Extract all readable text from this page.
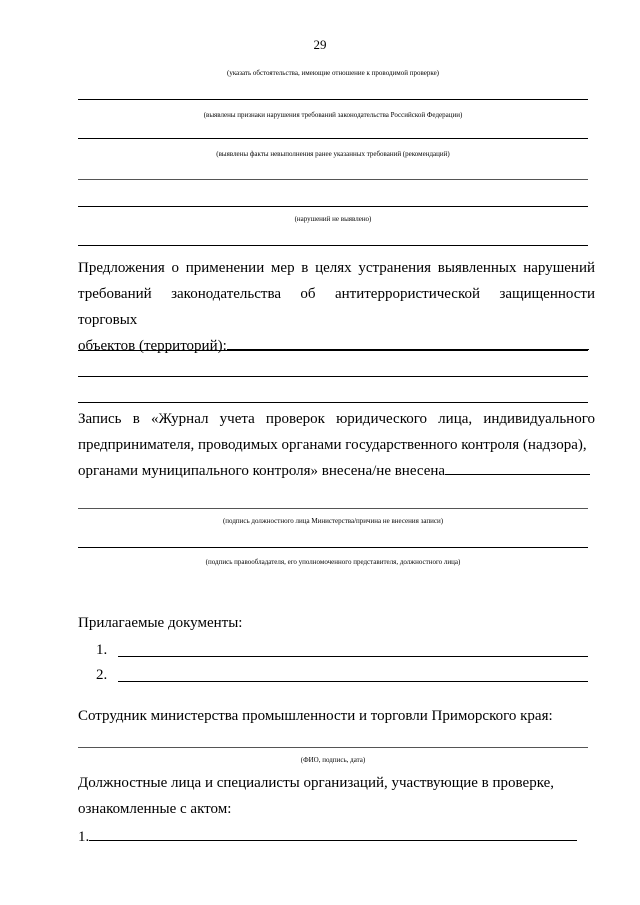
29
(указать обстоятельства, имеющие отношение к проводимой проверке)
(выявлены признаки нарушения требований законодательства Российской Федерации)
(выявлены факты невыполнения ранее указанных требований (рекомендаций)
(нарушений не выявлено)
Предложения о применении мер в целях устранения выявленных нарушений требований законодательства об антитеррористической защищенности торговых
объектов (территорий):
Запись в «Журнал учета проверок юридического лица, индивидуального предпринимателя, проводимых органами государственного контроля (надзора),
органами муниципального контроля» внесена/не внесена
(подпись должностного лица Министерства/причина не внесения записи)
(подпись правообладателя, его уполномоченного представителя, должностного лица)
Прилагаемые документы:
1.
2.
Сотрудник министерства промышленности и торговли Приморского края:
(ФИО, подпись, дата)
Должностные лица и специалисты организаций, участвующие в проверке,
ознакомленные с актом:
1.
